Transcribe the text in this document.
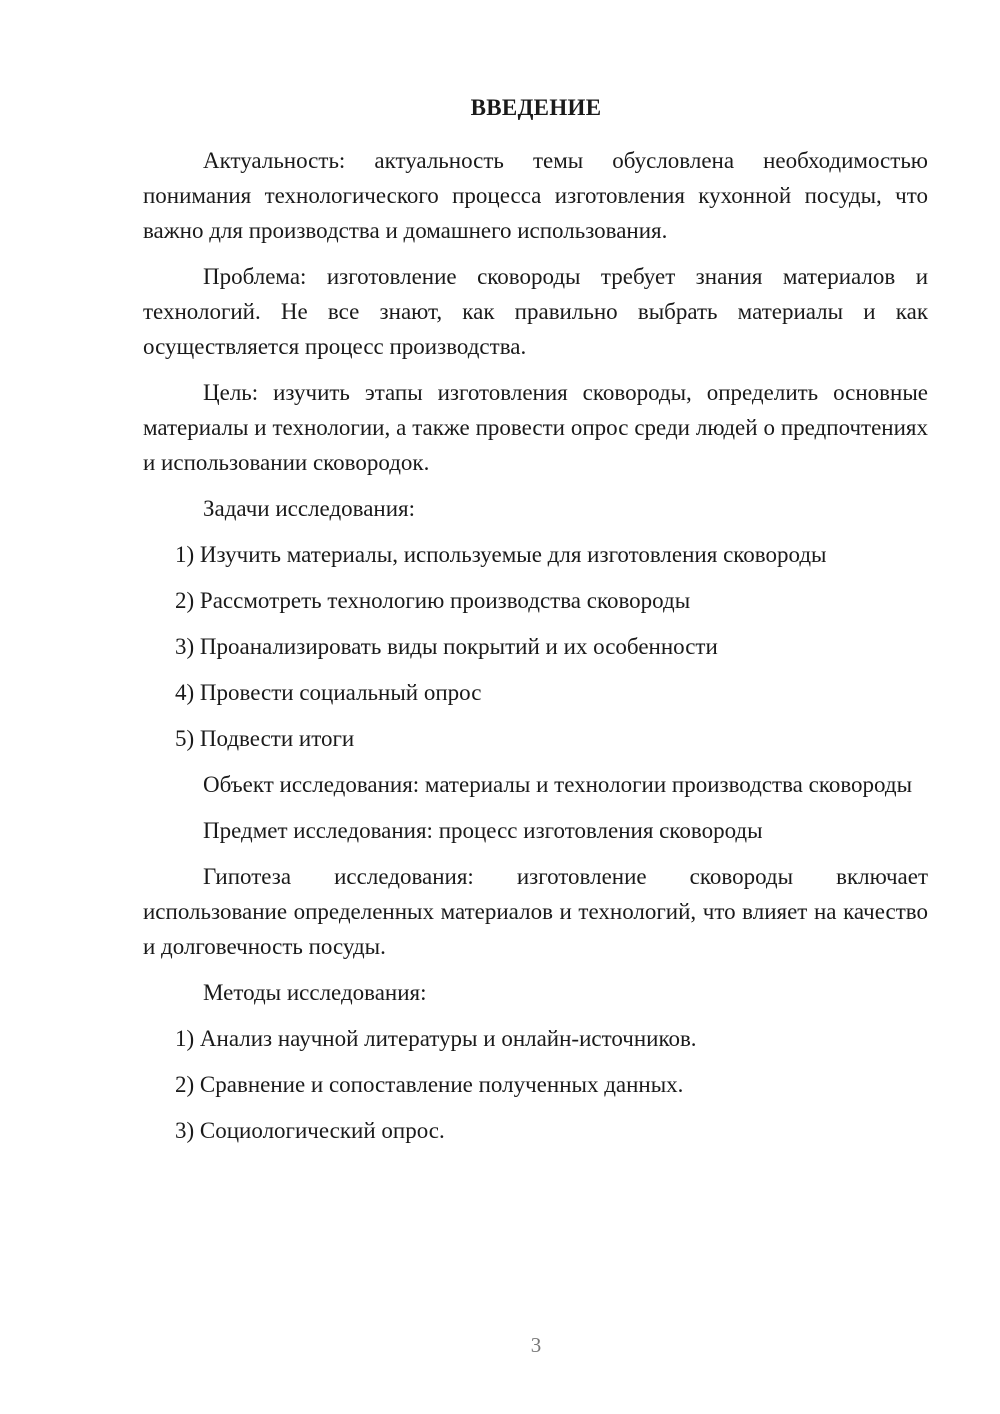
ВВЕДЕНИЕ

Актуальность: актуальность темы обусловлена необходимостью понимания технологического процесса изготовления кухонной посуды, что важно для производства и домашнего использования.

Проблема: изготовление сковороды требует знания материалов и технологий. Не все знают, как правильно выбрать материалы и как осуществляется процесс производства.

Цель: изучить этапы изготовления сковороды, определить основные материалы и технологии, а также провести опрос среди людей о предпочтениях и использовании сковородок.

Задачи исследования:

1) Изучить материалы, используемые для изготовления сковороды
2) Рассмотреть технологию производства сковороды
3) Проанализировать виды покрытий и их особенности
4) Провести социальный опрос
5) Подвести итоги

Объект исследования: материалы и технологии производства сковороды

Предмет исследования: процесс изготовления сковороды

Гипотеза исследования: изготовление сковороды включает использование определенных материалов и технологий, что влияет на качество и долговечность посуды.

Методы исследования:

1) Анализ научной литературы и онлайн-источников.
2) Сравнение и сопоставление полученных данных.
3) Социологический опрос.
3
